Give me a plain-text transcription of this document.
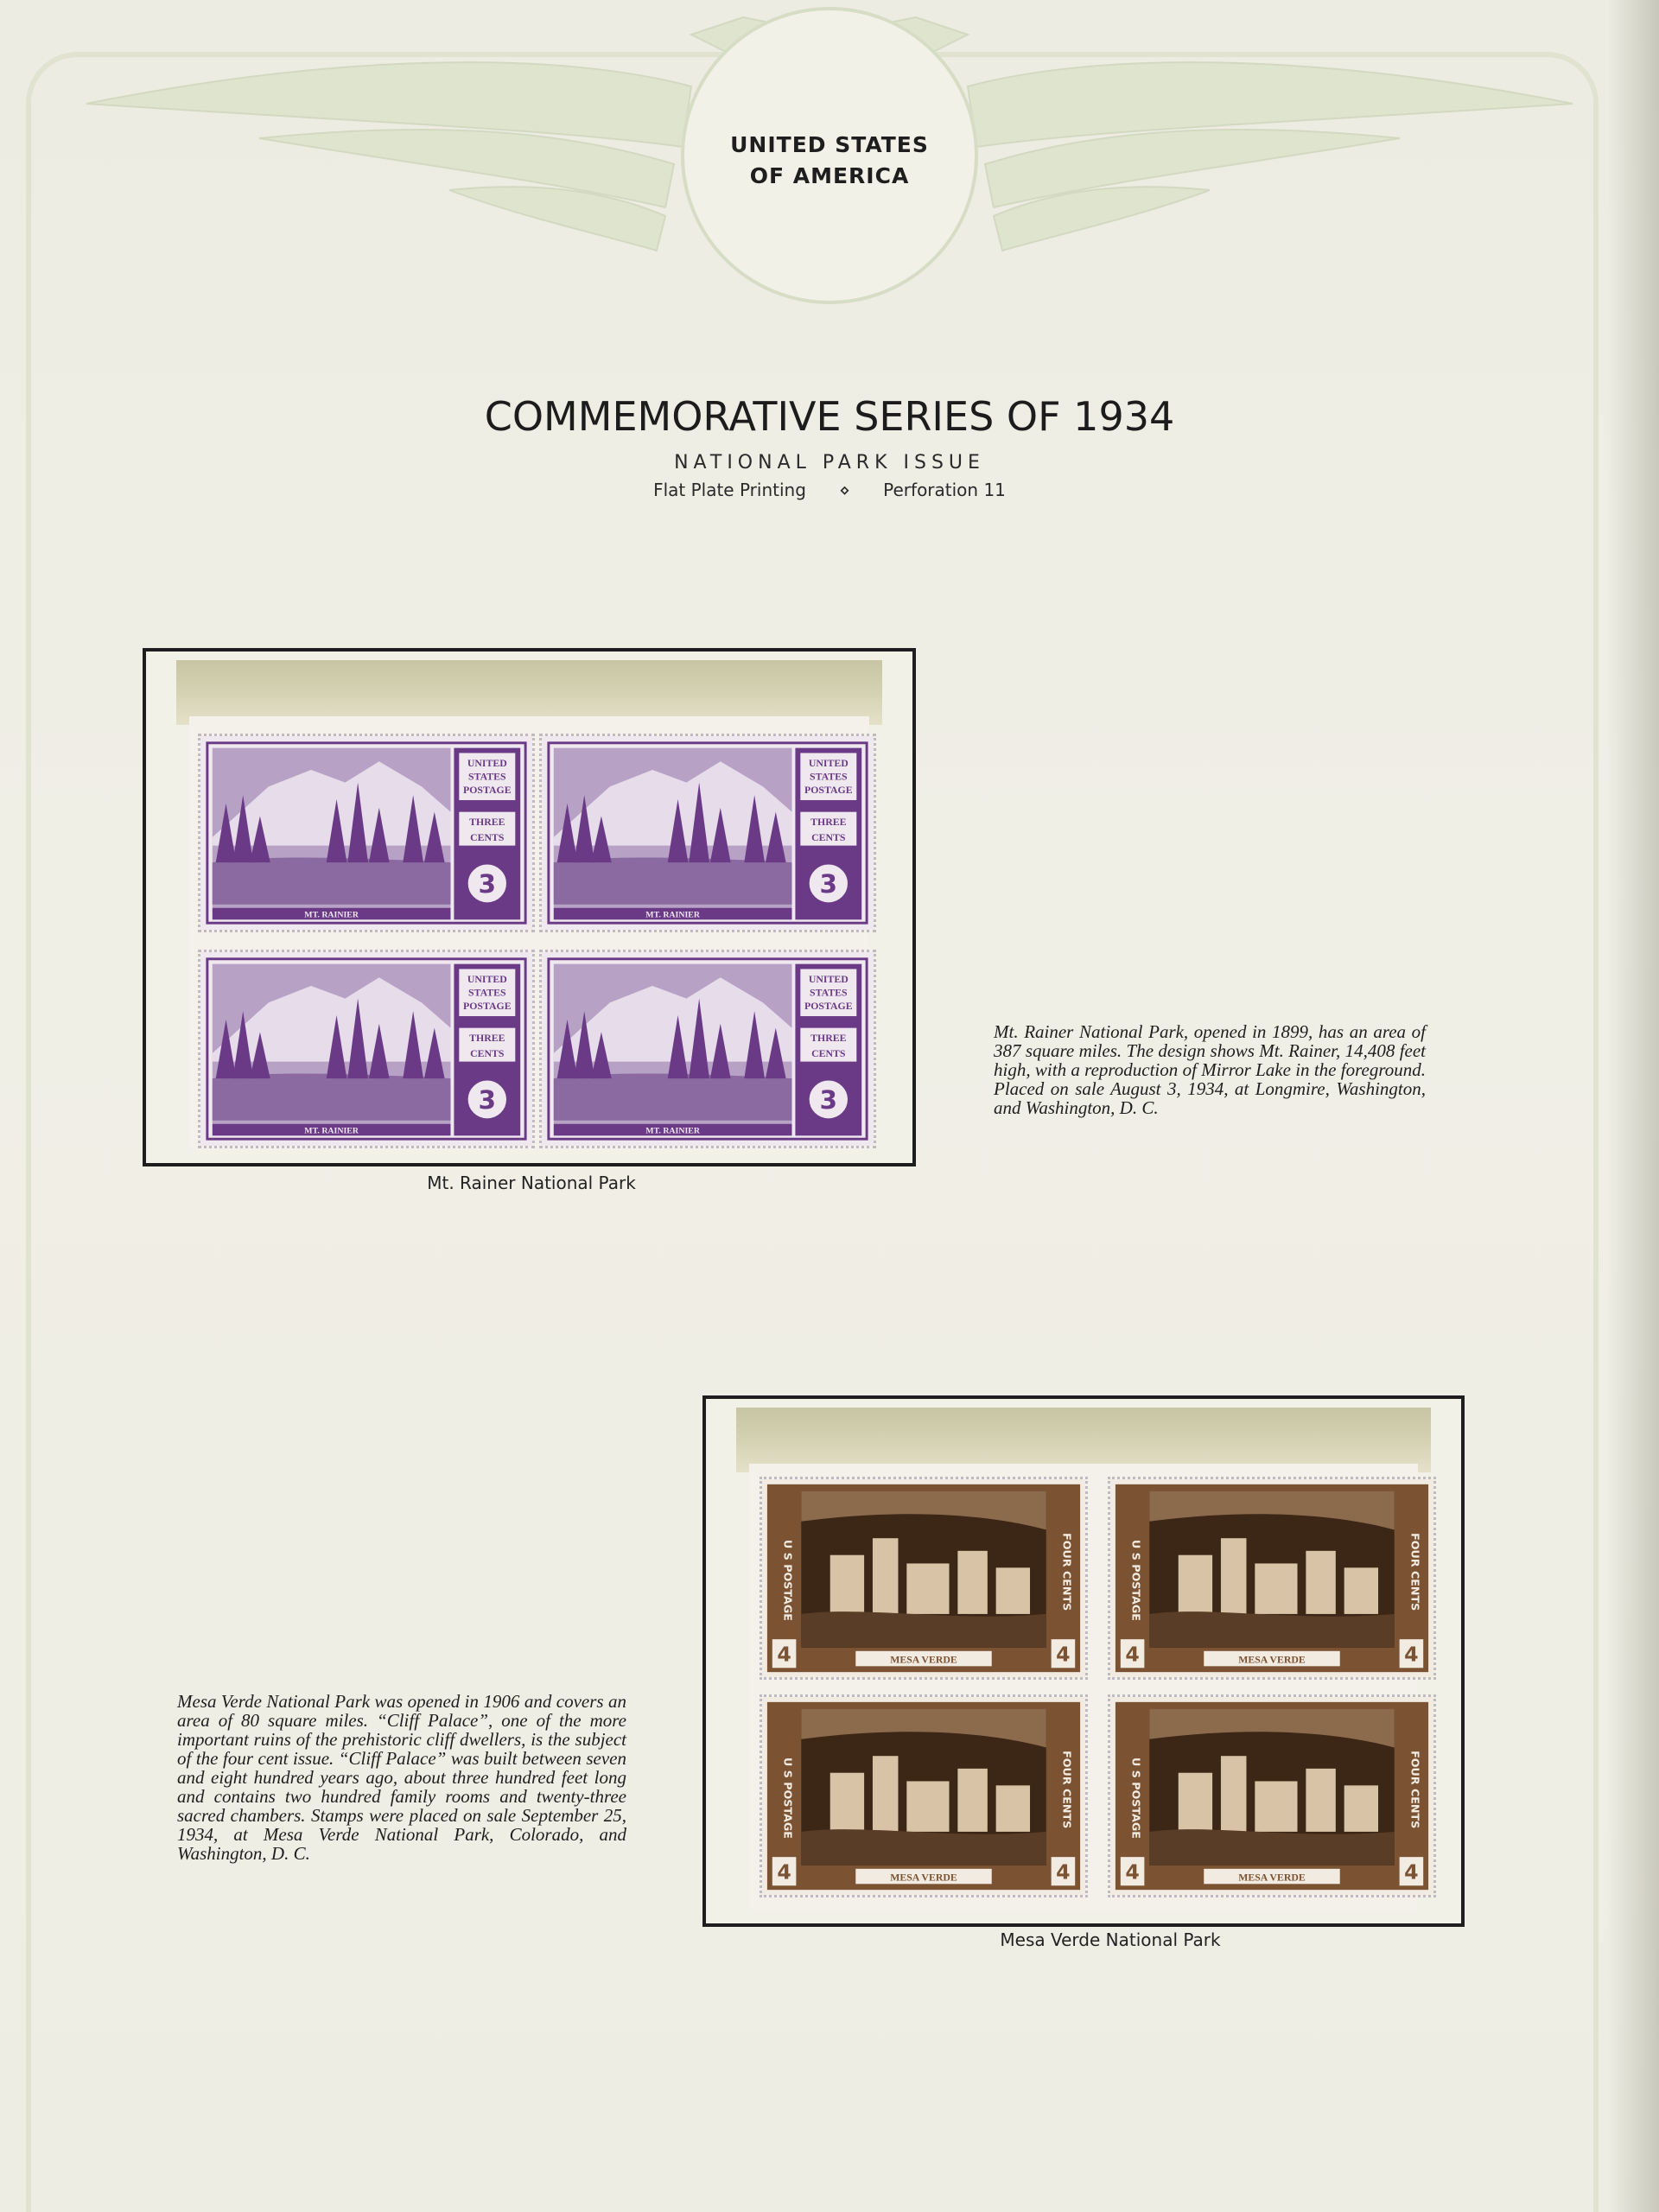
UNITED STATES
OF AMERICA
COMMEMORATIVE SERIES OF 1934
NATIONAL PARK ISSUE
Flat Plate Printing ⋄ Perforation 11
MT. RAINIER
UNITED
STATES
POSTAGE
THREE
CENTS
3
MT. RAINIER
UNITED
STATES
POSTAGE
THREE
CENTS
3
MT. RAINIER
UNITED
STATES
POSTAGE
THREE
CENTS
3
MT. RAINIER
UNITED
STATES
POSTAGE
THREE
CENTS
3
Mt. Rainer National Park
Mt. Rainer National Park, opened in 1899, has an area of 387 square miles. The design shows Mt. Rainer, 14,408 feet high, with a reproduction of Mirror Lake in the foreground. Placed on sale August 3, 1934, at Longmire, Washington, and Washington, D. C.
MESA VERDE
U S POSTAGE	FOUR CENTS
4	4	MESA VERDE
U S POSTAGE	FOUR CENTS
4	4
MESA VERDE
U S POSTAGE	FOUR CENTS
4	4	MESA VERDE
U S POSTAGE	FOUR CENTS
4	4
Mesa Verde National Park
Mesa Verde National Park was opened in 1906 and covers an area of 80 square miles. “Cliff Palace”, one of the more important ruins of the prehistoric cliff dwellers, is the subject of the four cent issue. “Cliff Palace” was built between seven and eight hundred years ago, about three hundred feet long and contains two hundred family rooms and twenty-three sacred chambers. Stamps were placed on sale September 25, 1934, at Mesa Verde National Park, Colorado, and Washington, D. C.
